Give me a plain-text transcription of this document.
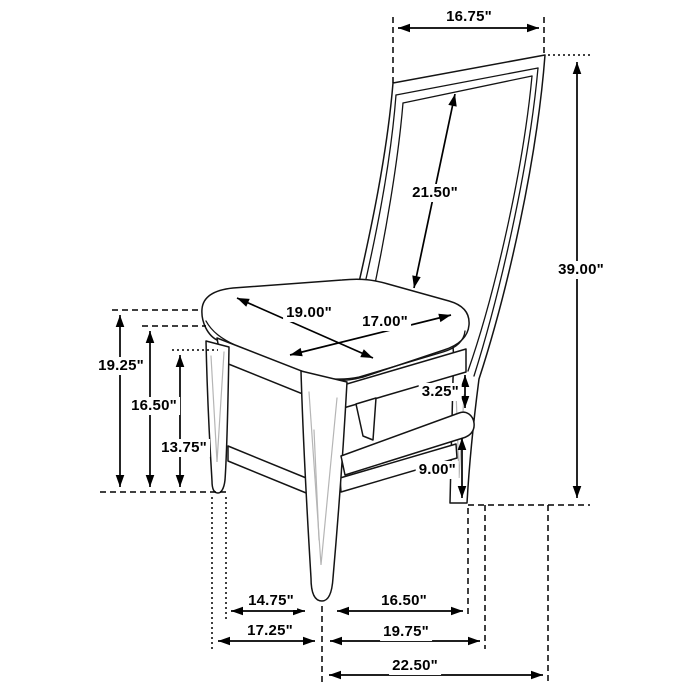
16.75"
39.00"
21.50"
19.00"
17.00"
19.25"
16.50"
13.75"
3.25"
9.00"
14.75"	16.50"
17.25"	19.75"
22.50"
